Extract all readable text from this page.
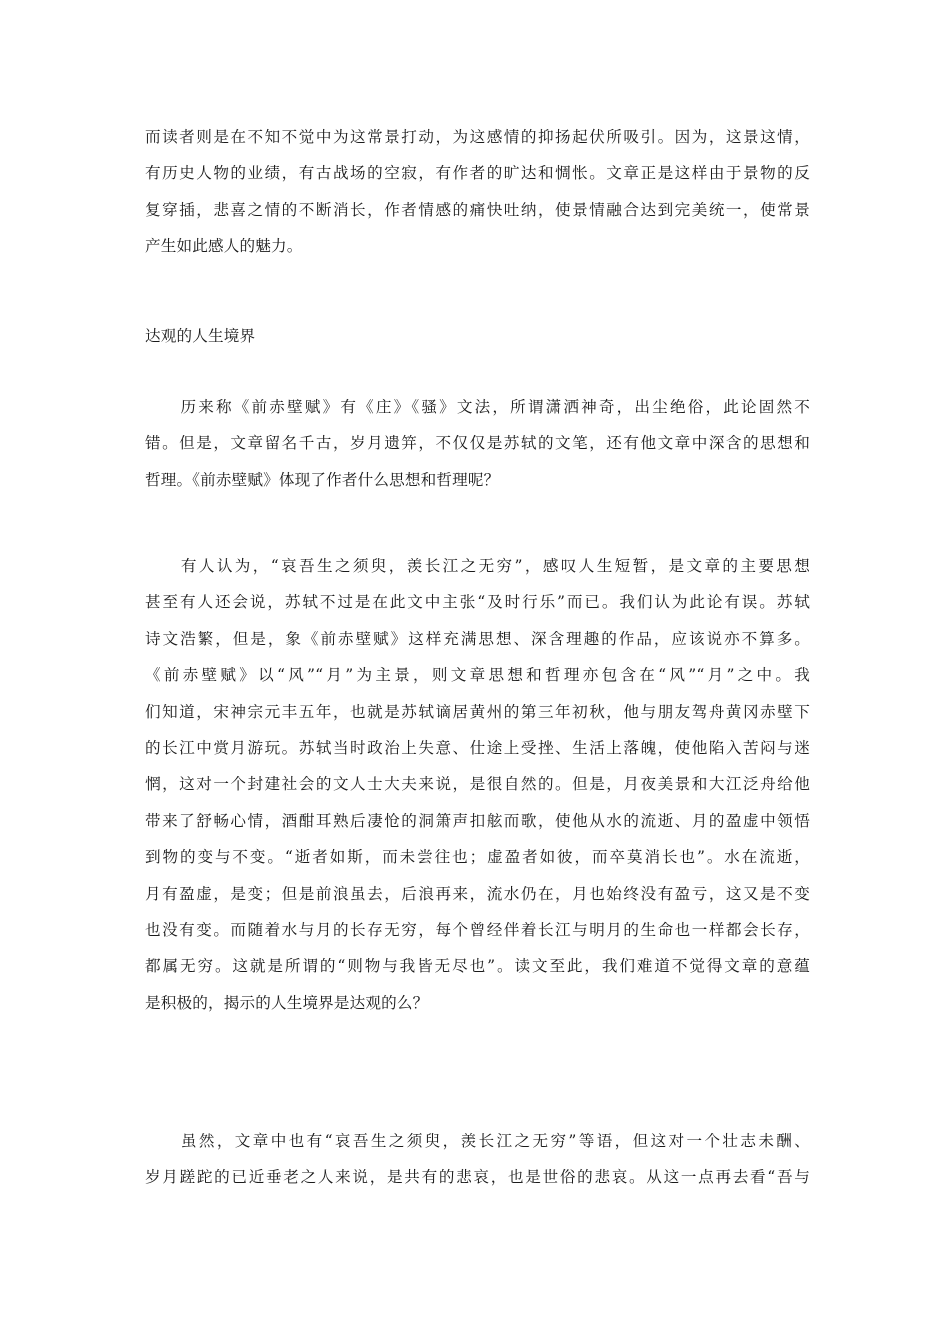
而读者则是在不知不觉中为这常景打动，为这感情的抑扬起伏所吸引。因为，这景这情，
有历史人物的业绩，有古战场的空寂，有作者的旷达和惆怅。文章正是这样由于景物的反
复穿插，悲喜之情的不断消长，作者情感的痛快吐纳，使景情融合达到完美统一，使常景
产生如此感人的魅力。
达观的人生境界
　　历来称《前赤壁赋》有《庄》《骚》文法，所谓潇洒神奇，出尘绝俗，此论固然不
错。但是，文章留名千古，岁月遗笄，不仅仅是苏轼的文笔，还有他文章中深含的思想和
哲理。《前赤壁赋》体现了作者什么思想和哲理呢？
　　有人认为，“哀吾生之须臾，羡长江之无穷”，感叹人生短暂，是文章的主要思想
甚至有人还会说，苏轼不过是在此文中主张“及时行乐”而已。我们认为此论有误。苏轼
诗文浩繁，但是，象《前赤壁赋》这样充满思想、深含理趣的作品，应该说亦不算多。
《前赤壁赋》以“风”“月”为主景，则文章思想和哲理亦包含在“风”“月”之中。我
们知道，宋神宗元丰五年，也就是苏轼谪居黄州的第三年初秋，他与朋友驾舟黄冈赤壁下
的长江中赏月游玩。苏轼当时政治上失意、仕途上受挫、生活上落魄，使他陷入苦闷与迷
惘，这对一个封建社会的文人士大夫来说，是很自然的。但是，月夜美景和大江泛舟给他
带来了舒畅心情，酒酣耳熟后凄怆的洞箫声扣舷而歌，使他从水的流逝、月的盈虚中领悟
到物的变与不变。“逝者如斯，而未尝往也；虚盈者如彼，而卒莫消长也”。水在流逝，
月有盈虚，是变；但是前浪虽去，后浪再来，流水仍在，月也始终没有盈亏，这又是不变
也没有变。而随着水与月的长存无穷，每个曾经伴着长江与明月的生命也一样都会长存，
都属无穷。这就是所谓的“则物与我皆无尽也”。读文至此，我们难道不觉得文章的意蕴
是积极的，揭示的人生境界是达观的么？
　　虽然，文章中也有“哀吾生之须臾，羡长江之无穷”等语，但这对一个壮志未酬、
岁月蹉跎的已近垂老之人来说，是共有的悲哀，也是世俗的悲哀。从这一点再去看“吾与
